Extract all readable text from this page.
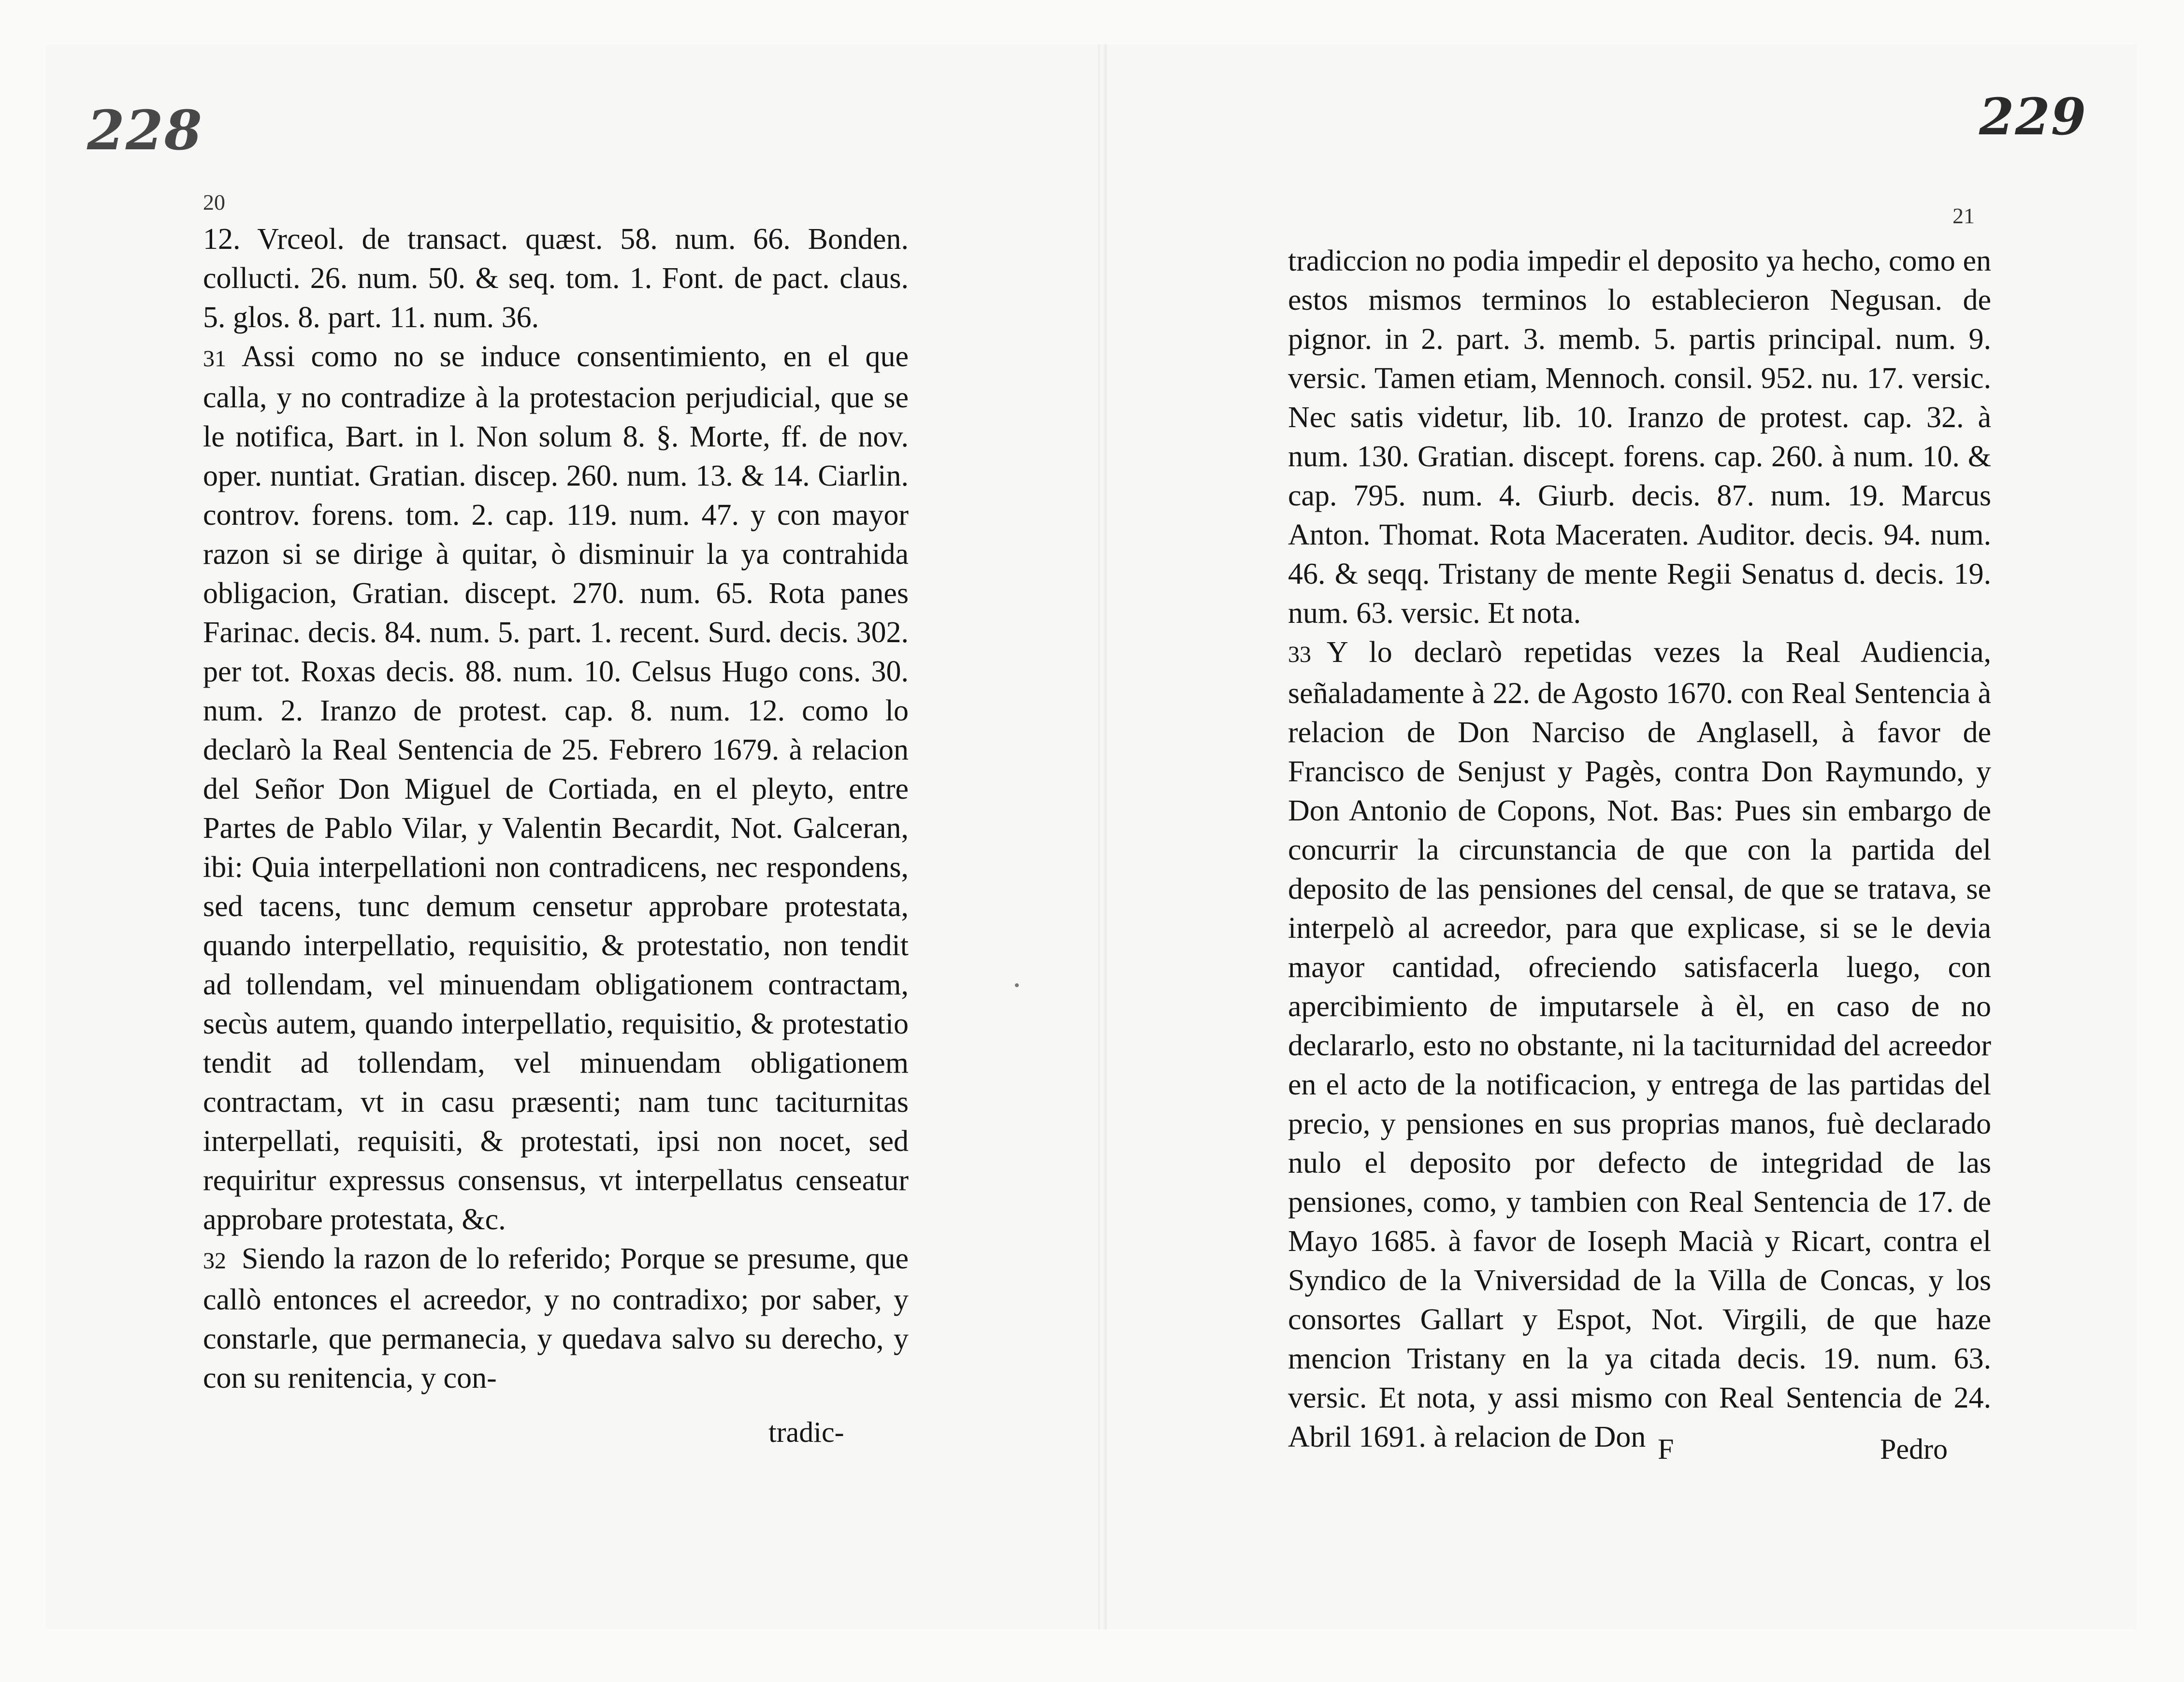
228	229
20
21

12. Vrceol. de transact. quæst. 58. num. 66. Bonden. collucti. 26. num. 50. & seq. tom. 1. Font. de pact. claus. 5. glos. 8. part. 11. num. 36.

31 Assi como no se induce consentimiento, en el que calla, y no contradize à la protestacion perjudicial, que se le notifica, Bart. in l. Non solum 8. §. Morte, ff. de nov. oper. nuntiat. Gratian. discep. 260. num. 13. & 14. Ciarlin. controv. forens. tom. 2. cap. 119. num. 47. y con mayor razon si se dirige à quitar, ò disminuir la ya contrahida obligacion, Gratian. discept. 270. num. 65. Rota panes Farinac. decis. 84. num. 5. part. 1. recent. Surd. decis. 302. per tot. Roxas decis. 88. num. 10. Celsus Hugo cons. 30. num. 2. Iranzo de protest. cap. 8. num. 12. como lo declarò la Real Sentencia de 25. Febrero 1679. à relacion del Señor Don Miguel de Cortiada, en el pleyto, entre Partes de Pablo Vilar, y Valentin Becardit, Not. Galceran, ibi: Quia interpellationi non contradicens, nec respondens, sed tacens, tunc demum censetur approbare protestata, quando interpellatio, requisitio, & protestatio, non tendit ad tollendam, vel minuendam obligationem contractam, secùs autem, quando interpellatio, requisitio, & protestatio tendit ad tollendam, vel minuendam obligationem contractam, vt in casu præsenti; nam tunc taciturnitas interpellati, requisiti, & protestati, ipsi non nocet, sed requiritur expressus consensus, vt interpellatus censeatur approbare protestata, &c.

32 Siendo la razon de lo referido; Porque se presume, que callò entonces el acreedor, y no contradixo; por saber, y constarle, que permanecia, y quedava salvo su derecho, y con su renitencia, y con-

tradic-

tradiccion no podia impedir el deposito ya hecho, como en estos mismos terminos lo establecieron Negusan. de pignor. in 2. part. 3. memb. 5. partis principal. num. 9. versic. Tamen etiam, Mennoch. consil. 952. nu. 17. versic. Nec satis videtur, lib. 10. Iranzo de protest. cap. 32. à num. 130. Gratian. discept. forens. cap. 260. à num. 10. & cap. 795. num. 4. Giurb. decis. 87. num. 19. Marcus Anton. Thomat. Rota Maceraten. Auditor. decis. 94. num. 46. & seqq. Tristany de mente Regii Senatus d. decis. 19. num. 63. versic. Et nota.

33 Y lo declarò repetidas vezes la Real Audiencia, señaladamente à 22. de Agosto 1670. con Real Sentencia à relacion de Don Narciso de Anglasell, à favor de Francisco de Senjust y Pagès, contra Don Raymundo, y Don Antonio de Copons, Not. Bas: Pues sin embargo de concurrir la circunstancia de que con la partida del deposito de las pensiones del censal, de que se tratava, se interpelò al acreedor, para que explicase, si se le devia mayor cantidad, ofreciendo satisfacerla luego, con apercibimiento de imputarsele à èl, en caso de no declararlo, esto no obstante, ni la taciturnidad del acreedor en el acto de la notificacion, y entrega de las partidas del precio, y pensiones en sus proprias manos, fuè declarado nulo el deposito por defecto de integridad de las pensiones, como, y tambien con Real Sentencia de 17. de Mayo 1685. à favor de Ioseph Macià y Ricart, contra el Syndico de la Vniversidad de la Villa de Concas, y los consortes Gallart y Espot, Not. Virgili, de que haze mencion Tristany en la ya citada decis. 19. num. 63. versic. Et nota, y assi mismo con Real Sentencia de 24. Abril 1691. à relacion de Don F	Pedro
